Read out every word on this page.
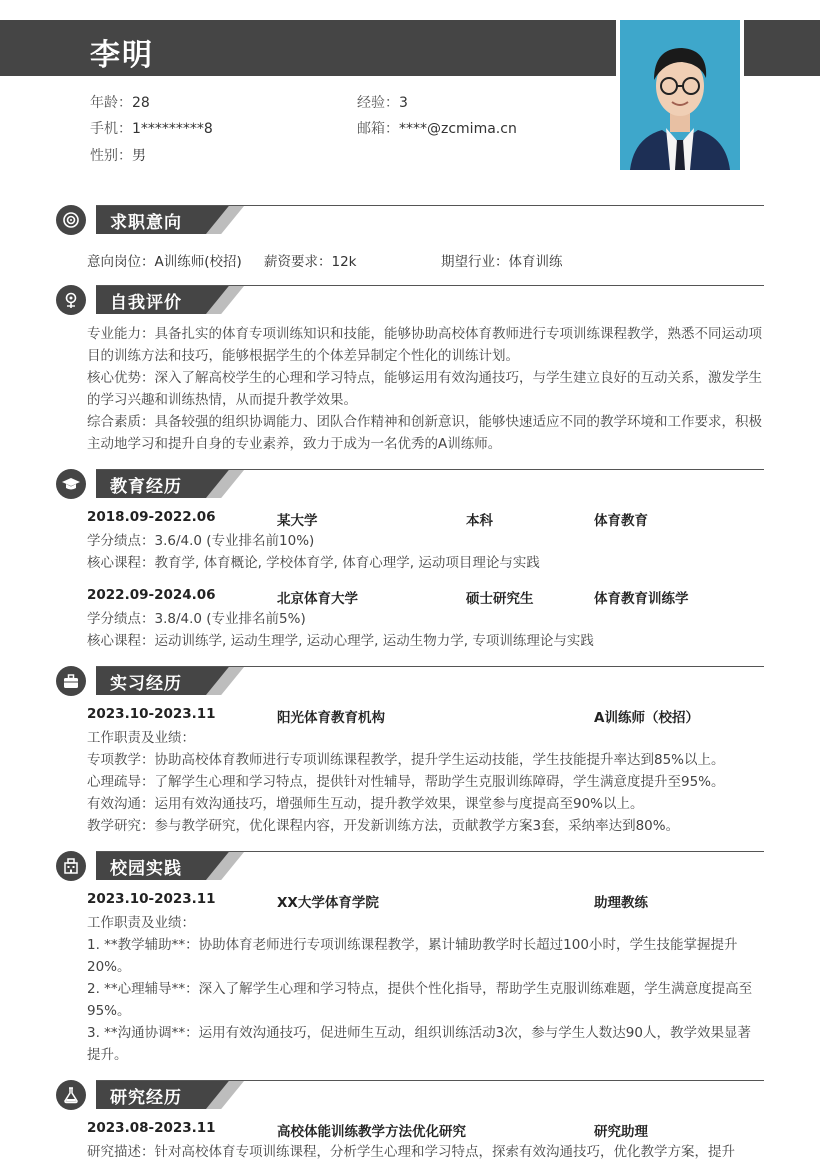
李明
年龄：28	经验：3
手机：1*********8	邮箱：****@zcmima.cn
性别：男
求职意向
意向岗位：A训练师(校招) 薪资要求：12k	期望行业：体育训练
自我评价
专业能力：具备扎实的体育专项训练知识和技能，能够协助高校体育教师进行专项训练课程教学，熟悉不同运动项目的训练方法和技巧，能够根据学生的个体差异制定个性化的训练计划。
核心优势：深入了解高校学生的心理和学习特点，能够运用有效沟通技巧，与学生建立良好的互动关系，激发学生的学习兴趣和训练热情，从而提升教学效果。
综合素质：具备较强的组织协调能力、团队合作精神和创新意识，能够快速适应不同的教学环境和工作要求，积极主动地学习和提升自身的专业素养，致力于成为一名优秀的A训练师。
教育经历
2018.09-2022.06	某大学	本科	体育教育
学分绩点：3.6/4.0 (专业排名前10%)
核心课程：教育学, 体育概论, 学校体育学, 体育心理学, 运动项目理论与实践
2022.09-2024.06	北京体育大学	硕士研究生	体育教育训练学
学分绩点：3.8/4.0 (专业排名前5%)
核心课程：运动训练学, 运动生理学, 运动心理学, 运动生物力学, 专项训练理论与实践
实习经历
2023.10-2023.11	阳光体育教育机构	A训练师（校招）
工作职责及业绩：
专项教学：协助高校体育教师进行专项训练课程教学，提升学生运动技能，学生技能提升率达到85%以上。
心理疏导：了解学生心理和学习特点，提供针对性辅导，帮助学生克服训练障碍，学生满意度提升至95%。
有效沟通：运用有效沟通技巧，增强师生互动，提升教学效果，课堂参与度提高至90%以上。
教学研究：参与教学研究，优化课程内容，开发新训练方法，贡献教学方案3套，采纳率达到80%。
校园实践
2023.10-2023.11	XX大学体育学院	助理教练
工作职责及业绩：
1. **教学辅助**：协助体育老师进行专项训练课程教学，累计辅助教学时长超过100小时，学生技能掌握提升20%。
2. **心理辅导**：深入了解学生心理和学习特点，提供个性化指导，帮助学生克服训练难题，学生满意度提高至95%。
3. **沟通协调**：运用有效沟通技巧，促进师生互动，组织训练活动3次，参与学生人数达90人，教学效果显著提升。
研究经历
2023.08-2023.11	高校体能训练教学方法优化研究	研究助理
研究描述：针对高校体育专项训练课程，分析学生心理和学习特点，探索有效沟通技巧，优化教学方案，提升
